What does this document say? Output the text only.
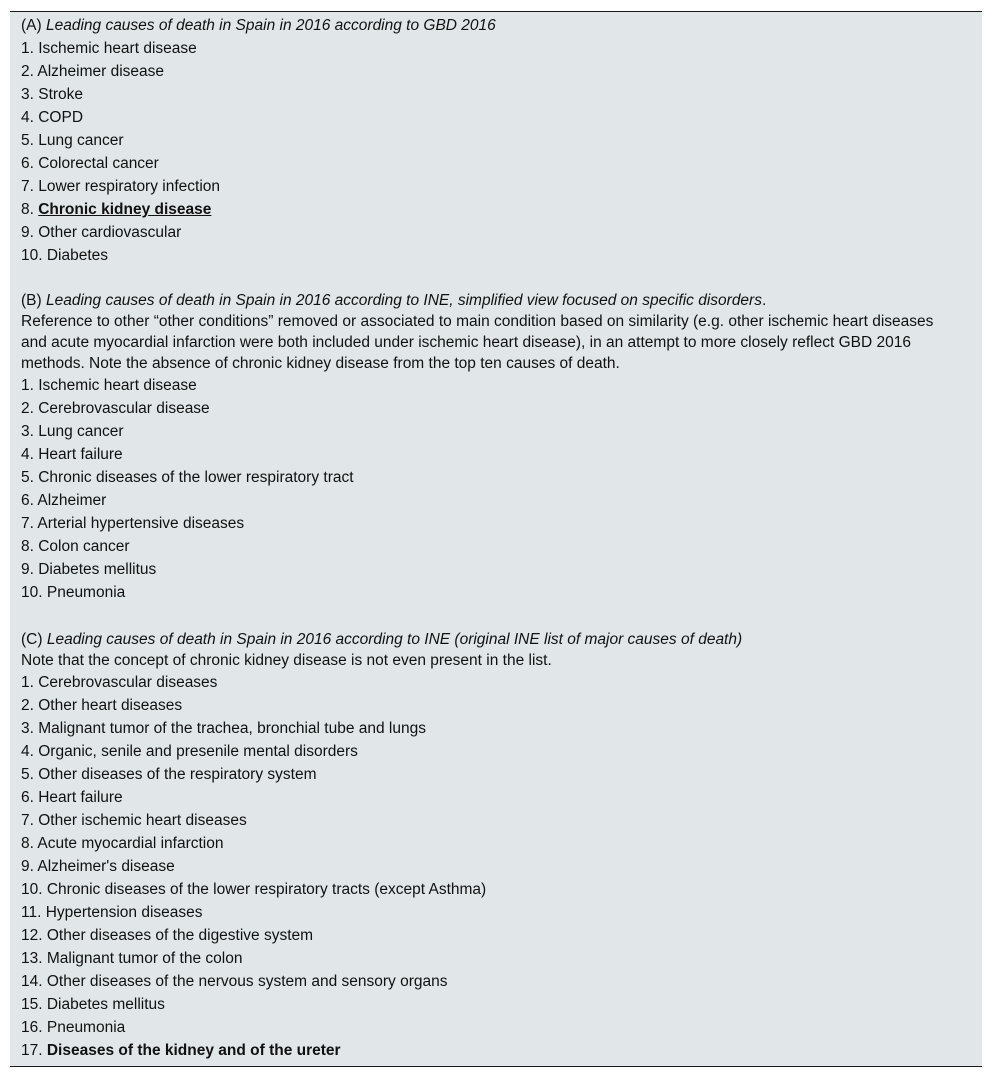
(A) Leading causes of death in Spain in 2016 according to GBD 2016
1. Ischemic heart disease
2. Alzheimer disease
3. Stroke
4. COPD
5. Lung cancer
6. Colorectal cancer
7. Lower respiratory infection
8. Chronic kidney disease
9. Other cardiovascular
10. Diabetes
(B) Leading causes of death in Spain in 2016 according to INE, simplified view focused on specific disorders.
Reference to other “other conditions” removed or associated to main condition based on similarity (e.g. other ischemic heart diseases and acute myocardial infarction were both included under ischemic heart disease), in an attempt to more closely reflect GBD 2016 methods. Note the absence of chronic kidney disease from the top ten causes of death.
1. Ischemic heart disease
2. Cerebrovascular disease
3. Lung cancer
4. Heart failure
5. Chronic diseases of the lower respiratory tract
6. Alzheimer
7. Arterial hypertensive diseases
8. Colon cancer
9. Diabetes mellitus
10. Pneumonia
(C) Leading causes of death in Spain in 2016 according to INE (original INE list of major causes of death)
Note that the concept of chronic kidney disease is not even present in the list.
1. Cerebrovascular diseases
2. Other heart diseases
3. Malignant tumor of the trachea, bronchial tube and lungs
4. Organic, senile and presenile mental disorders
5. Other diseases of the respiratory system
6. Heart failure
7. Other ischemic heart diseases
8. Acute myocardial infarction
9. Alzheimer's disease
10. Chronic diseases of the lower respiratory tracts (except Asthma)
11. Hypertension diseases
12. Other diseases of the digestive system
13. Malignant tumor of the colon
14. Other diseases of the nervous system and sensory organs
15. Diabetes mellitus
16. Pneumonia
17. Diseases of the kidney and of the ureter
